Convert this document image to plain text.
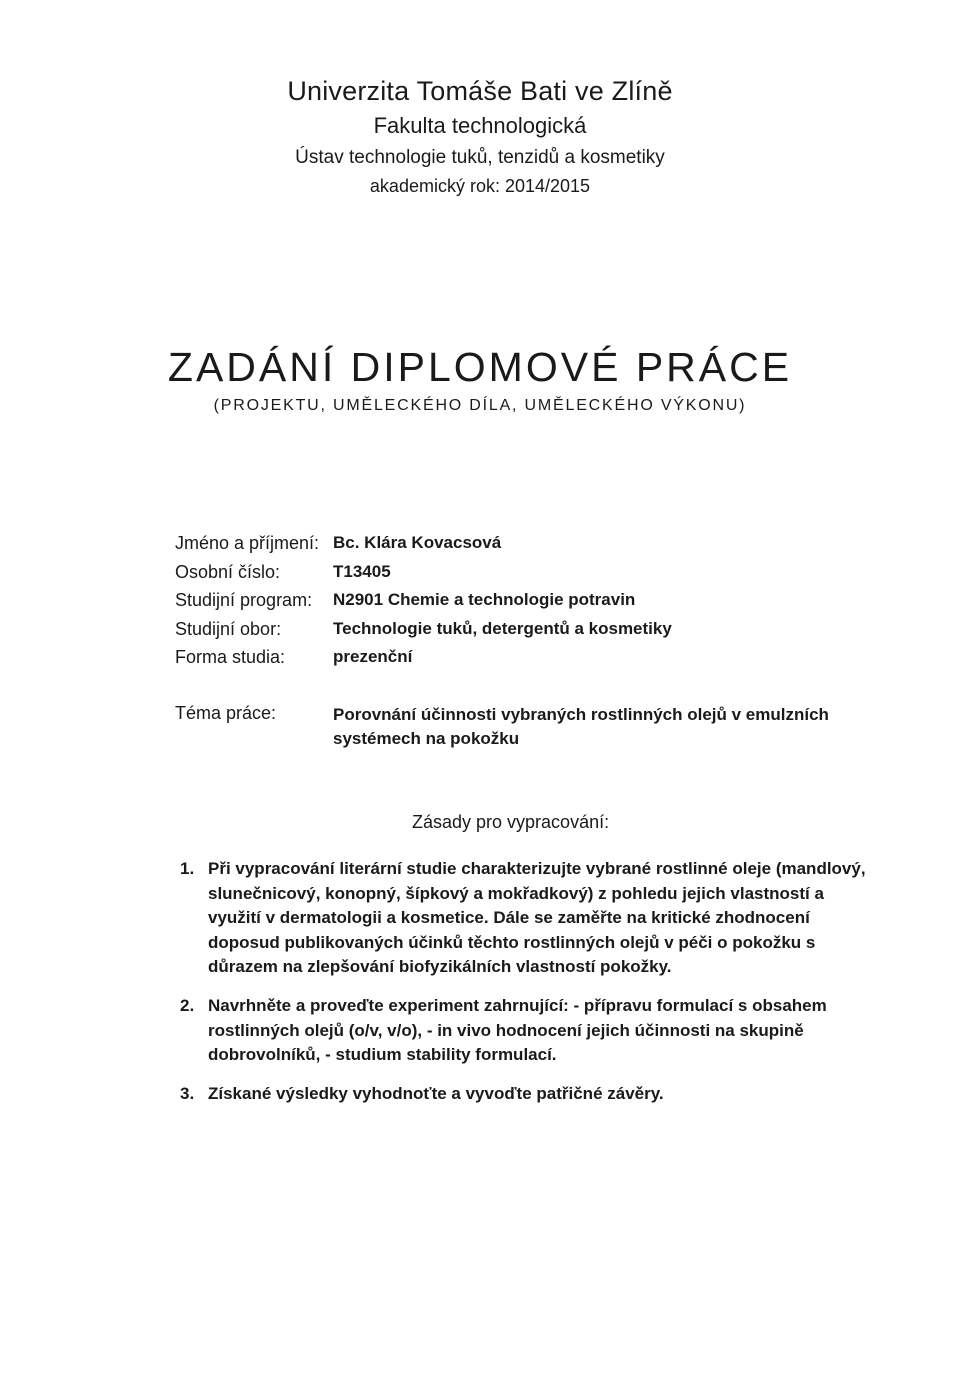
Univerzita Tomáše Bati ve Zlíně
Fakulta technologická
Ústav technologie tuků, tenzidů a kosmetiky
akademický rok: 2014/2015
ZADÁNÍ DIPLOMOVÉ PRÁCE
(PROJEKTU, UMĚLECKÉHO DÍLA, UMĚLECKÉHO VÝKONU)
Jméno a příjmení: Bc. Klára Kovacsová
Osobní číslo:	T13405
Studijní program: N2901 Chemie a technologie potravin
Studijní obor:	Technologie tuků, detergentů a kosmetiky
Forma studia:	prezenční
Téma práce:	Porovnání účinnosti vybraných rostlinných olejů v emulzních systémech na pokožku
Zásady pro vypracování:
1. Při vypracování literární studie charakterizujte vybrané rostlinné oleje (mandlový, slunečnicový, konopný, šípkový a mokřadkový) z pohledu jejich vlastností a využití v dermatologii a kosmetice. Dále se zaměřte na kritické zhodnocení doposud publikovaných účinků těchto rostlinných olejů v péči o pokožku s důrazem na zlepšování biofyzikálních vlastností pokožky.
2. Navrhněte a proveďte experiment zahrnující: - přípravu formulací s obsahem rostlinných olejů (o/v, v/o), - in vivo hodnocení jejich účinnosti na skupině dobrovolníků, - studium stability formulací.
3. Získané výsledky vyhodnoťte a vyvoďte patřičné závěry.
